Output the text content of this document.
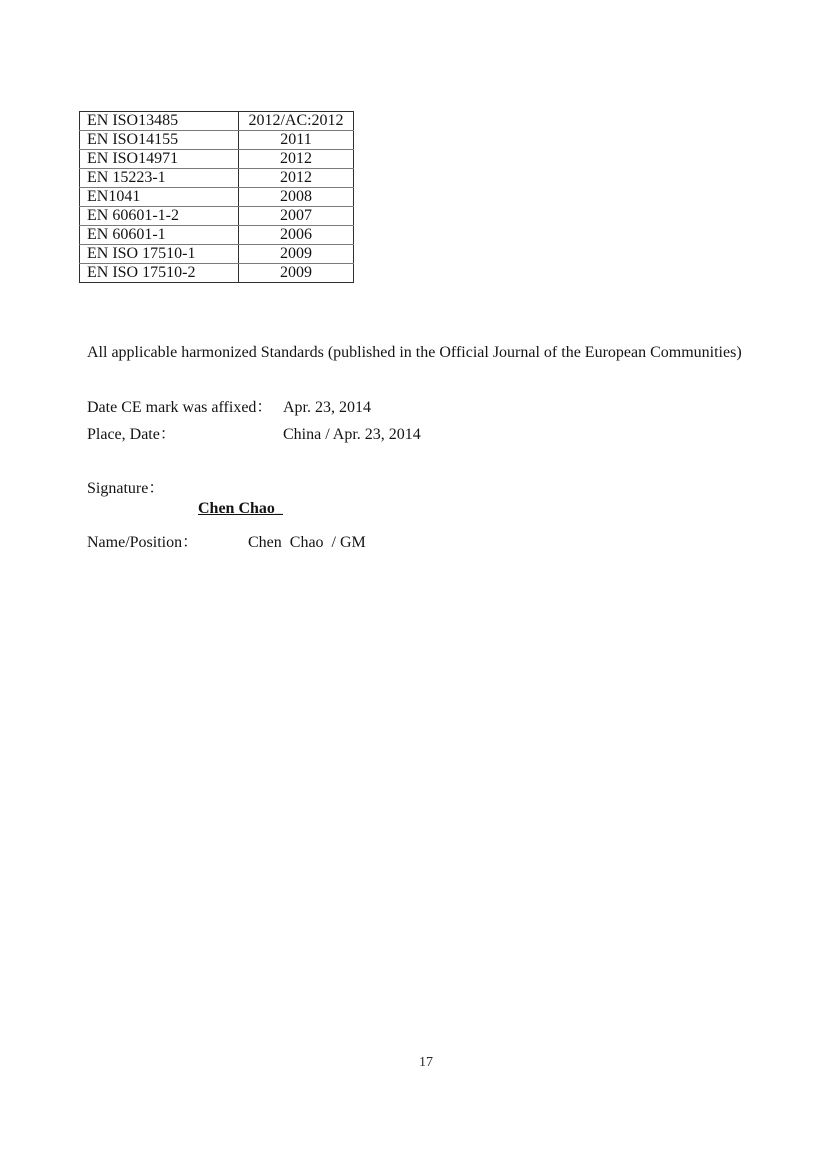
EN ISO13485	2012/AC:2012
EN ISO14155	2011
EN ISO14971	2012
EN 15223-1	2012
EN1041	2008
EN 60601-1-2	2007
EN 60601-1	2006
EN ISO 17510-1	2009
EN ISO 17510-2	2009
All applicable harmonized Standards (published in the Official Journal of the European Communities)
Date CE mark was affixed： Apr. 23, 2014
Place, Date：	China / Apr. 23, 2014
Signature：

Chen Chao_

Name/Position：	Chen  Chao  / GM
17
